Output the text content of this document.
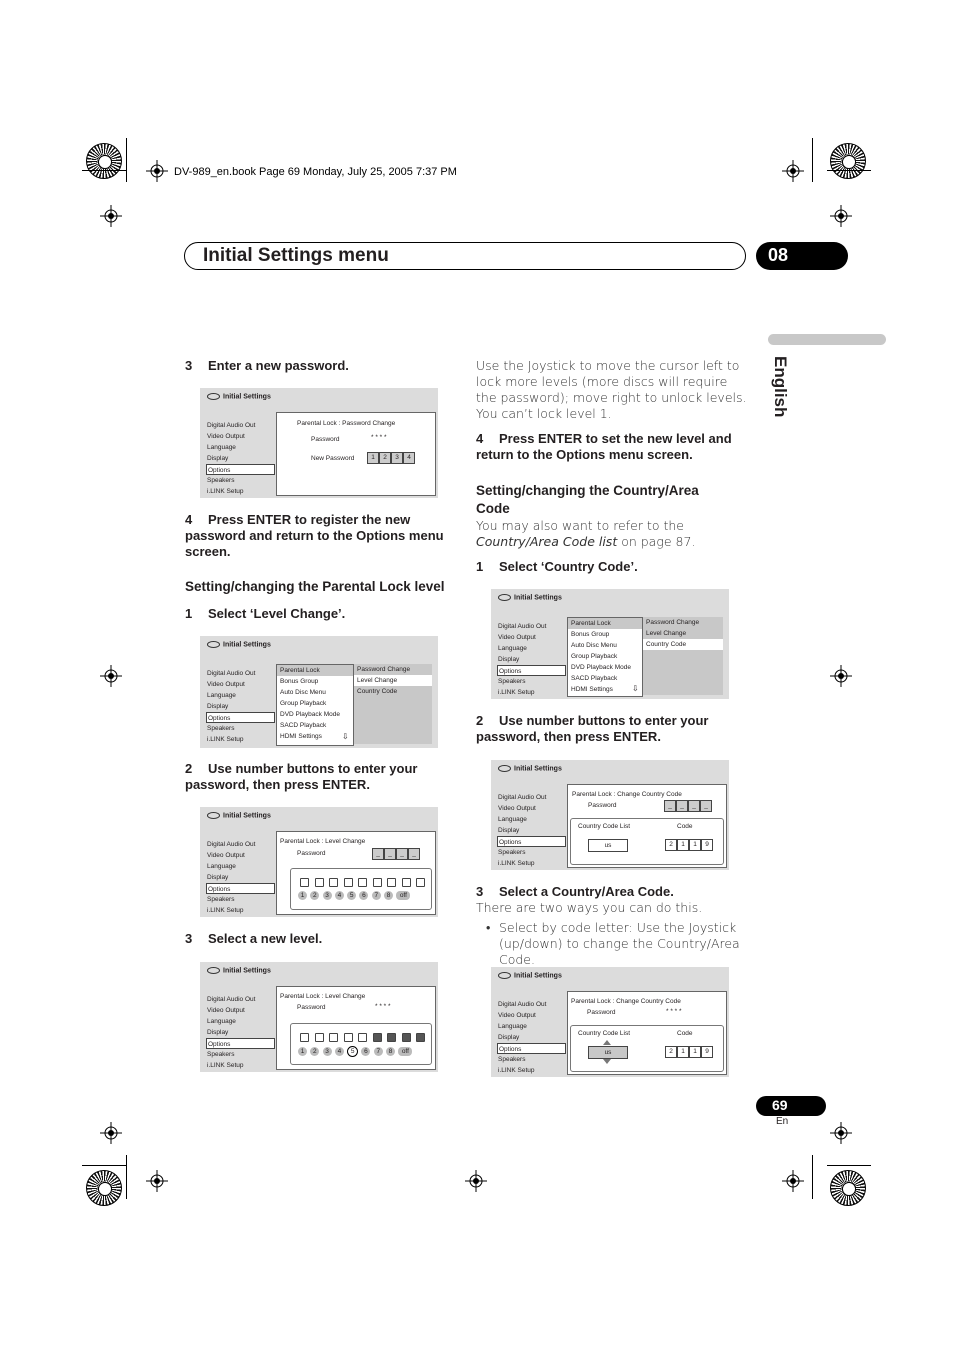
DV-989_en.book Page 69 Monday, July 25, 2005 7:37 PM
Initial Settings menu	08
English
3 Enter a new password.
Initial Settings
Digital Audio Out
Video Output
Language
Display
Options
Speakers
i.LINK Setup
Parental Lock : Password Change
Password	* * * *
New Password	1 2 3 4
4 Press ENTER to register the new password and return to the Options menu screen.
Setting/changing the Parental Lock level
1 Select ‘Level Change’.
Initial Settings
Digital Audio Out
Video Output
Language
Display
Options
Speakers
i.LINK Setup
Parental Lock
Bonus Group
Auto Disc Menu
Group Playback
DVD Playback Mode
SACD Playback
HDMI Settings	⇩
Password Change
Level Change
Country Code
2 Use number buttons to enter your password, then press ENTER.
Initial Settings
Digital Audio Out
Video Output
Language
Display
Options
Speakers
i.LINK Setup
Parental Lock : Level Change
Password	_ _ _ _
1 2 3 4 5 6 7 8 off
3 Select a new level.
Initial Settings
Digital Audio Out
Video Output
Language
Display
Options
Speakers
i.LINK Setup
Parental Lock : Level Change
Password	* * * *
1 2 3 4 5 6 7 8 off
Use the Joystick to move the cursor left to lock more levels (more discs will require the password); move right to unlock levels. You can’t lock level 1.
4 Press ENTER to set the new level and return to the Options menu screen.
Setting/changing the Country/Area Code
You may also want to refer to the Country/Area Code list on page 87.
1 Select ‘Country Code’.
Initial Settings
Digital Audio Out
Video Output
Language
Display
Options
Speakers
i.LINK Setup
Parental Lock
Bonus Group
Auto Disc Menu
Group Playback
DVD Playback Mode
SACD Playback
HDMI Settings	⇩
Password Change
Level Change
Country Code
2 Use number buttons to enter your password, then press ENTER.
Initial Settings
Digital Audio Out
Video Output
Language
Display
Options
Speakers
i.LINK Setup
Parental Lock : Change Country Code
Password	_ _ _ _
Country Code List	Code
us	2 1 1 9
3 Select a Country/Area Code.
There are two ways you can do this.
• Select by code letter: Use the Joystick (up/down) to change the Country/Area Code.
Initial Settings
Digital Audio Out
Video Output
Language
Display
Options
Speakers
i.LINK Setup
Parental Lock : Change Country Code
Password	* * * *
Country Code List	Code
us	2 1 1 9
69
En
